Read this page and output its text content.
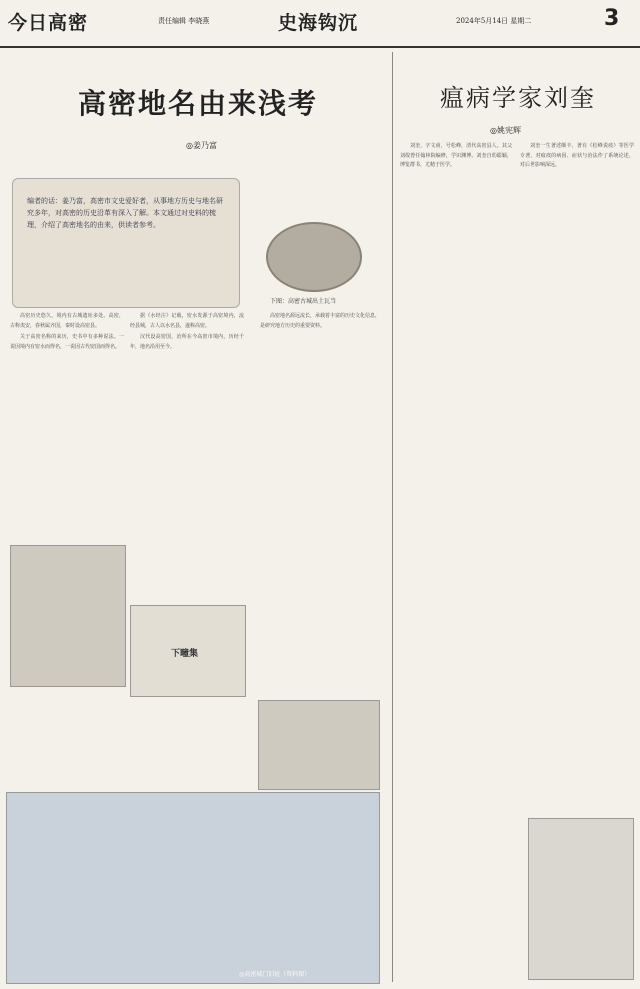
今日高密	责任编辑 李晓燕	史海钩沉	2024年5月14日 星期二	3
高密地名由来浅考
◎姜乃富
编者的话：姜乃富，高密市文史爱好者，从事地方历史与地名研究多年，对高密的历史沿革有深入了解。本文通过对史料的梳理，介绍了高密地名的由来，供读者参考。

高密历史悠久，境内有古城遗址多处。高密，古称夷安，春秋属齐国，秦时设高密县。

关于高密名称的来历，史书中有多种说法。一说因境内有密水而得名，一说因古代密国而得名。

据《水经注》记载，密水发源于高密境内，流经县城，古人以水名县，遂称高密。

汉代设高密国，治所在今高密市境内，历经千年，地名沿用至今。

高密地名源远流长，承载着丰富的历史文化信息，是研究地方历史的重要资料。

下图：高密古城出土瓦当
下疃集
◎高密城门旧址（资料图）
瘟病学家刘奎
◎姚宪辉

刘奎，字文甫，号松峰，清代高密县人。其父刘绂曾任翰林院编修，学识渊博。刘奎自幼聪颖，博览群书，尤精于医学。

刘奎一生著述颇丰，著有《松峰说疫》等医学专著，对瘟疫的病因、症状与治法作了系统论述，对后世影响深远。
